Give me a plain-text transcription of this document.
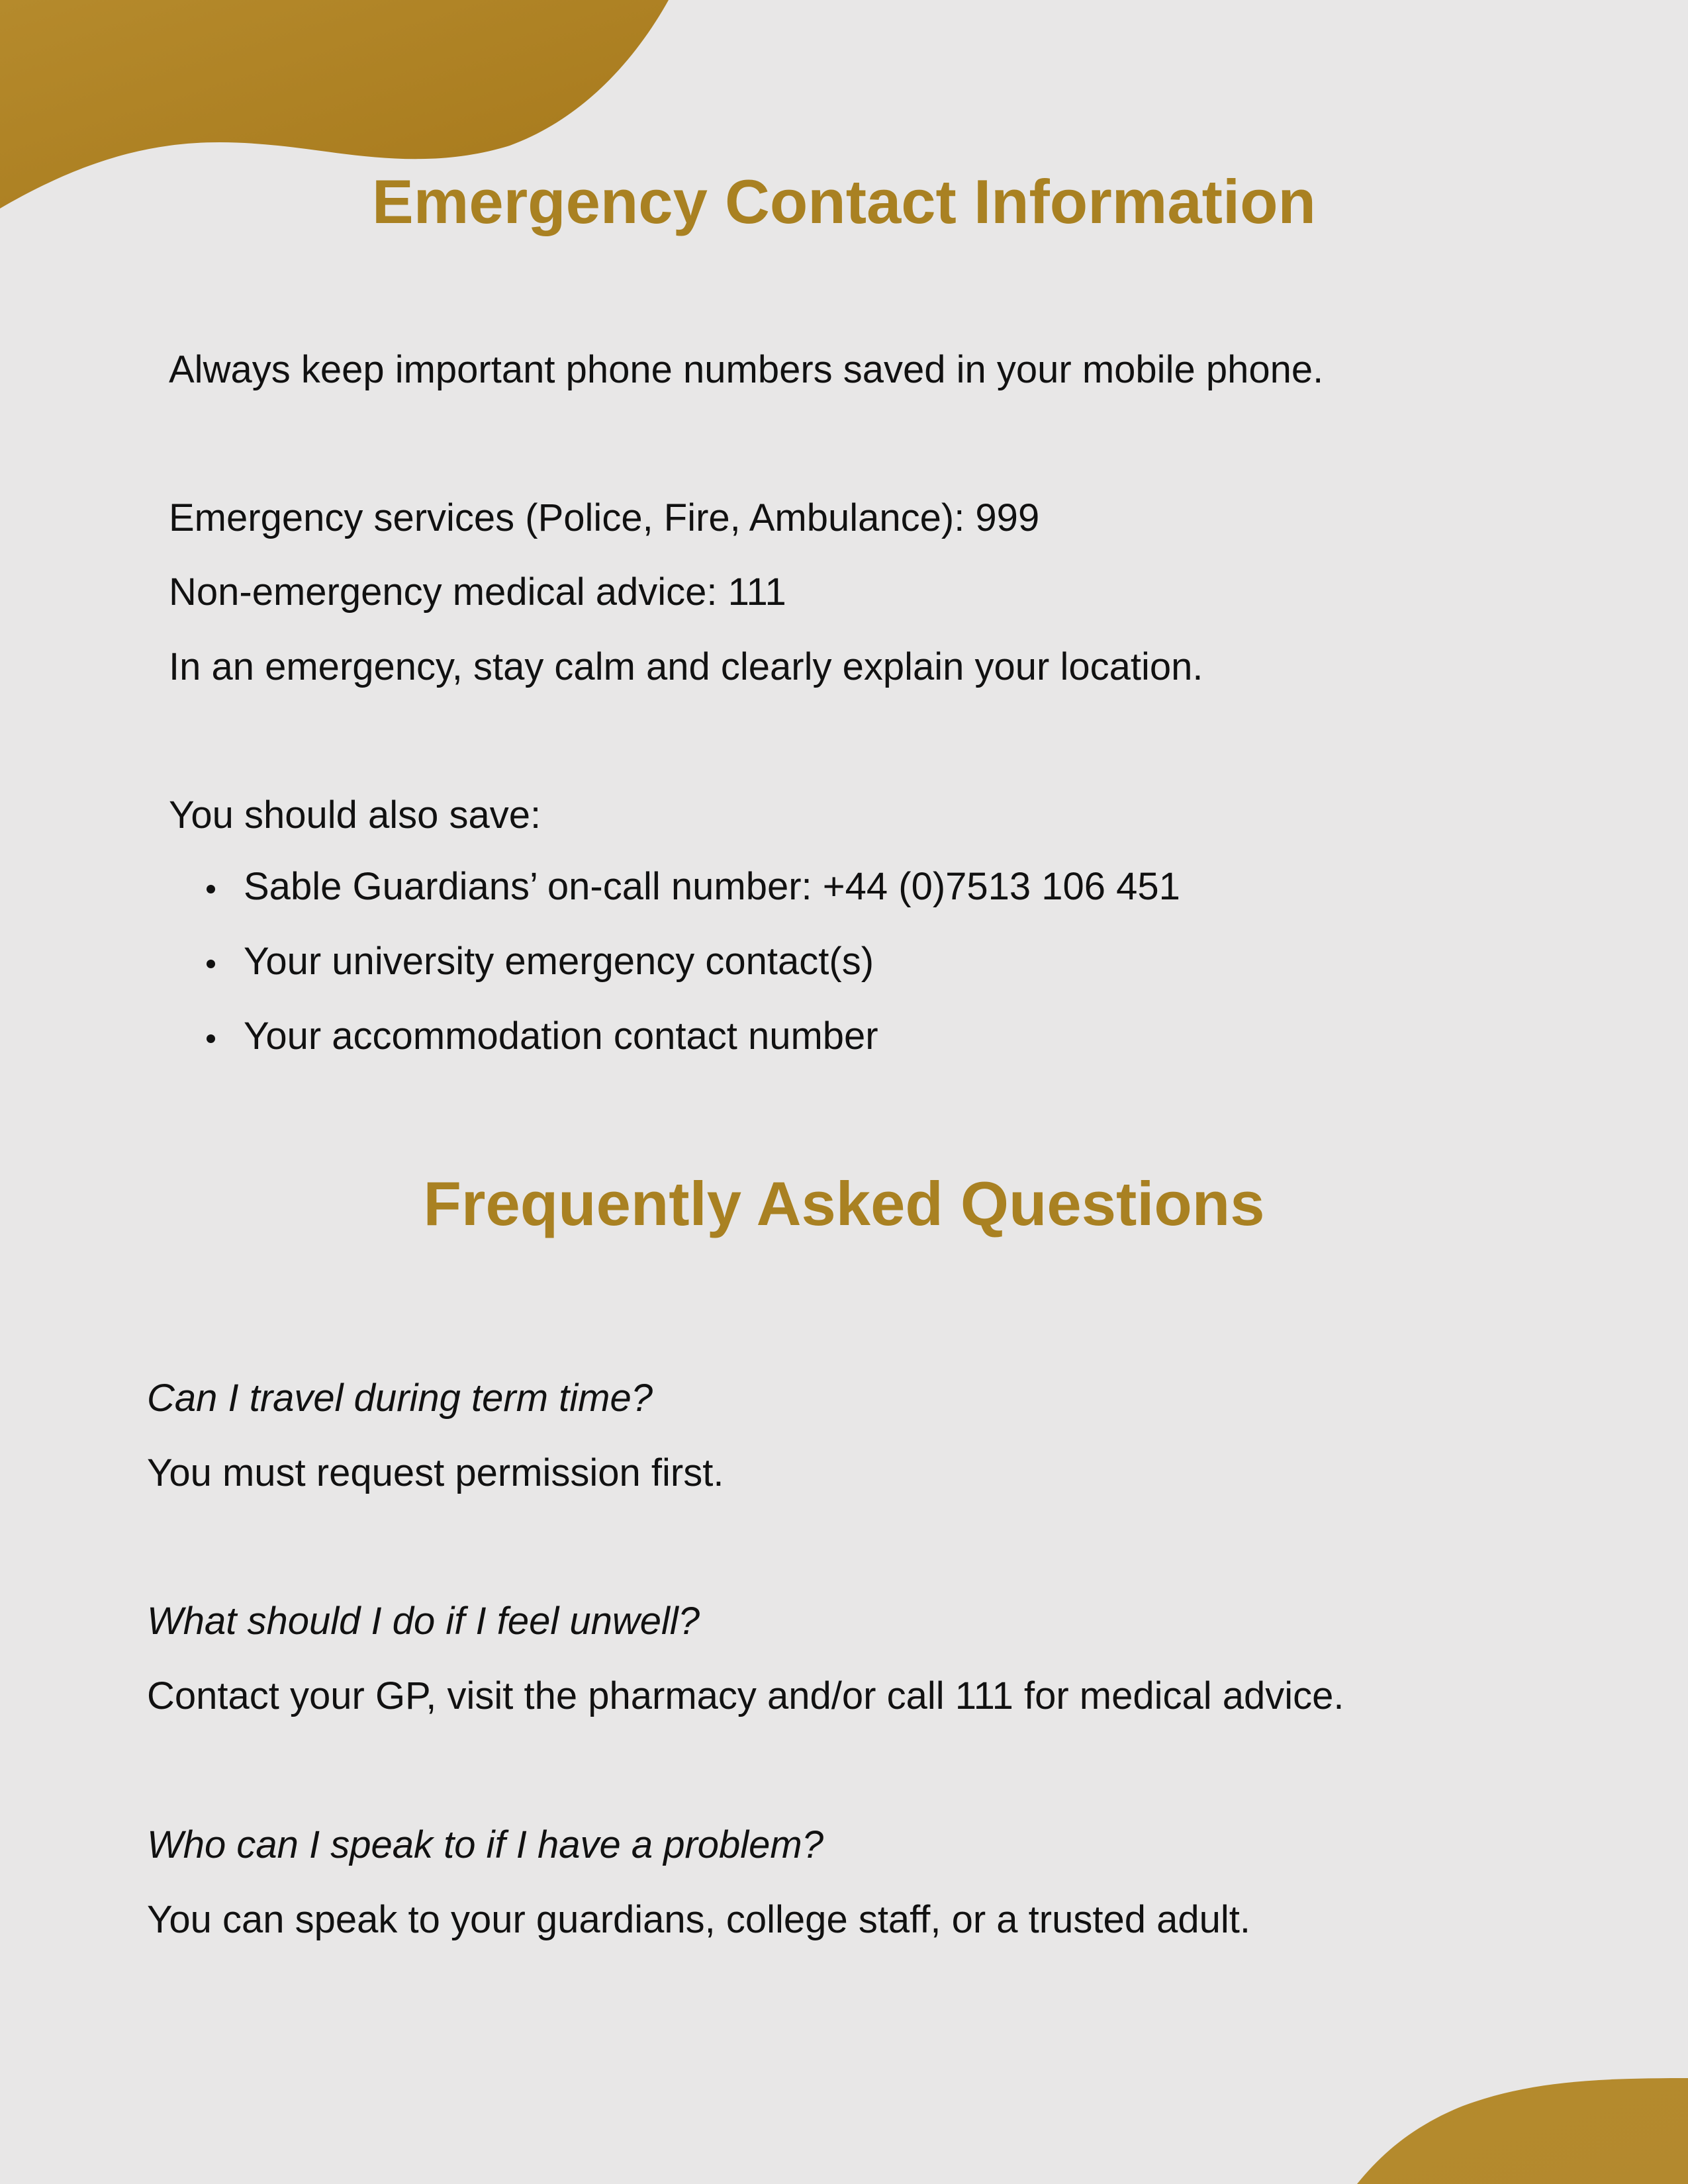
Emergency Contact Information
Always keep important phone numbers saved in your mobile phone.
Emergency services (Police, Fire, Ambulance): 999
Non-emergency medical advice: 111
In an emergency, stay calm and clearly explain your location.
You should also save:
Sable Guardians’ on-call number: +44 (0)7513 106 451
Your university emergency contact(s)
Your accommodation contact number
Frequently Asked Questions
Can I travel during term time?
You must request permission first.
What should I do if I feel unwell?
Contact your GP, visit the pharmacy and/or call 111 for medical advice.
Who can I speak to if I have a problem?
You can speak to your guardians, college staff, or a trusted adult.
